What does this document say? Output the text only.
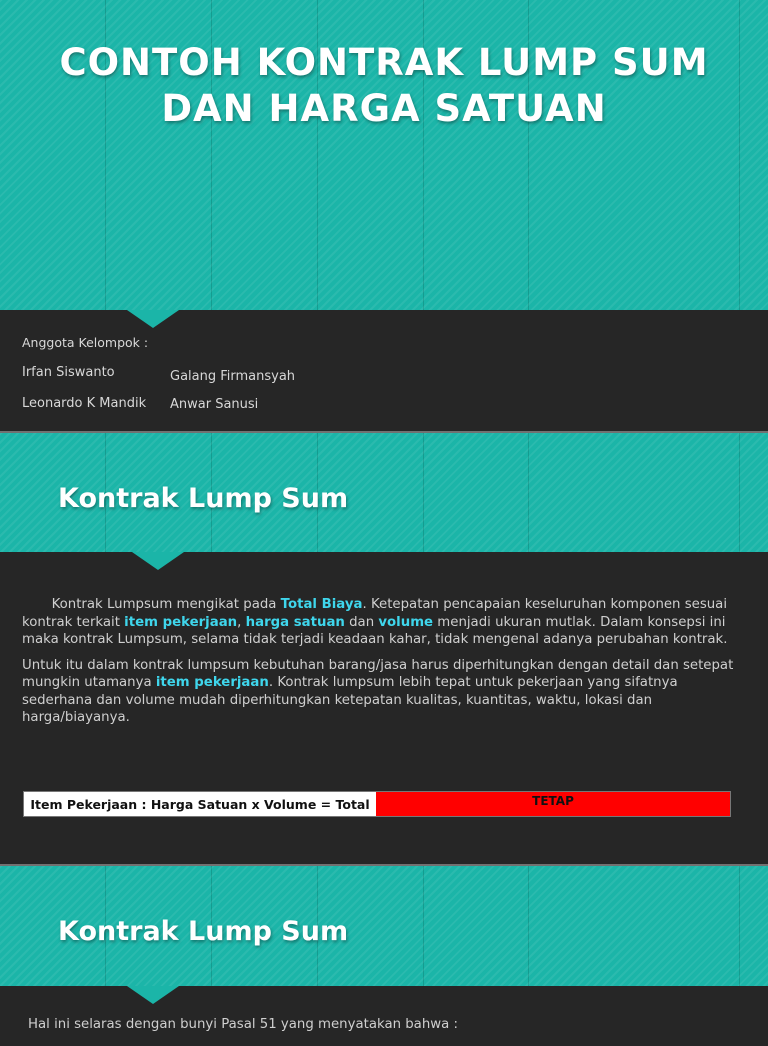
CONTOH KONTRAK LUMP SUM
DAN HARGA SATUAN
Anggota Kelompok :
Irfan Siswanto	Galang Firmansyah
Leonardo K Mandik Anwar Sanusi
Kontrak Lump Sum

Kontrak Lumpsum mengikat pada Total Biaya. Ketepatan pencapaian keseluruhan komponen sesuai kontrak terkait item pekerjaan, harga satuan dan volume menjadi ukuran mutlak. Dalam konsepsi ini maka kontrak Lumpsum, selama tidak terjadi keadaan kahar, tidak mengenal adanya perubahan kontrak.

Untuk itu dalam kontrak lumpsum kebutuhan barang/jasa harus diperhitungkan dengan detail dan setepat mungkin utamanya item pekerjaan. Kontrak lumpsum lebih tepat untuk pekerjaan yang sifatnya sederhana dan volume mudah diperhitungkan ketepatan kualitas, kuantitas, waktu, lokasi dan harga/biayanya.

Item Pekerjaan : Harga Satuan x Volume = Total	TETAP
Kontrak Lump Sum
Hal ini selaras dengan bunyi Pasal 51 yang menyatakan bahwa :
